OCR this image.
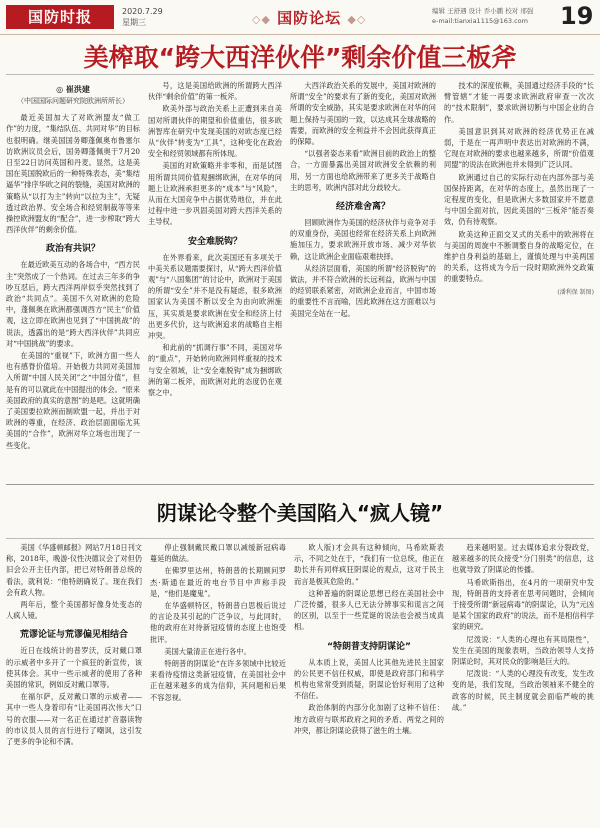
国防时报	2020.7.29
星期三	◇◆ 国防论坛 ◆◇
编辑 王舒遇 设计 乔小鹏 校对 邢强
e-mail:tianxia1115@163.com 19
美榨取“跨大西洋伙伴”剩余价值三板斧
◎ 崔洪建
（中国国际问题研究院欧洲所所长）

最近美国加大了对欧洲盟友“做工作”的力度，“集结队伍、共同对华”的目标也很明确。继美国国务卿蓬佩奥布鲁塞尔访欧洲议员会后，国务卿蓬佩奥于7月20日至22日访问英国和丹麦。显然，这是美国在英国脱欧后的一种特殊表态，美“集结逼华”排序华欧之间的裂缝，美国对欧洲的策略从“以打为主”转向“以拉为主”，无疑透过政治界、安全场合和经贸制裁等等来操控欧洲盟友的“配合”，进一步榨取“跨大西洋伙伴”的剩余价值。

政治有共识？

在最近欧美互动的各场合中，“西方民主”突然成了一个热词。在过去三年多的争吵互怼后，跨大西洋两岸似乎突然找到了政治“共同点”。美国不久对欧洲的危险中，蓬佩奥在欧洲都强调西方“民主”价值观，这立即在欧洲也见到了“中国挑战”的说法，透露出的是“跨大西洋伙伴”共同应对“中国挑战”的要求。

在美国的“重视”下，欧洲方面一些人也有感脊价值培。开始极力共同对美国加入所谓“中国人民关闭”之“中国分值”，但是有的可以就此在中国提出的体会。“原来美国政府的真实的意图”的是吧。这就明确了美国要拉欧洲而制欧盟一起，并出于对欧洲的尊重，在经济、政治层面面临尤其美国的“合作”，欧洲对华立场也出现了一些变化。

号，这是美国给欧洲的所谓跨大西洋伙伴“剩余价值”的第一板斧。

欧美外部与政治关系上正遭到来自美国对所谓伙伴的期望和价值重估，很多欧洲智库在研究中发现美国的对欧态度已经从“伙伴”转变为“工具”，这种变化在政治安全和经贸领域都有所体现。

美国的对欧策略并非零和，而是试图用所谓共同价值观捆绑欧洲，在对华的问题上让欧洲承担更多的“成本”与“风险”，从而在大国竞争中占据优势地位，并在此过程中进一步巩固美国对跨大西洋关系的主导权。

安全难脱钩？

在外界看来，此次美国还有多项关于中美关系议题需要探讨，从“跨大西洋价值观”与“八国集团”的讨论中，欧洲对于美国的所谓“安全”并不是没有疑虑，很多欧洲国家认为美国不断以安全为由向欧洲施压，其实质是要求欧洲在安全和经济上付出更多代价，这与欧洲追求的战略自主相冲突。

和此前的“抓调行事”不同，美国对华的“重点”，开始转向欧洲同样重视的技术与安全领域，让“安全难脱钩”成为捆绑欧洲的第二板斧，而欧洲对此的态度仍在观察之中。

大西洋政治关系的发展中，美国对欧洲的所谓“安全”的要求有了新的变化，美国对欧洲所谓的安全威胁，其实是要求欧洲在对华的问题上保持与美国的一致，以达成其全球战略的需要，而欧洲的安全利益并不会因此获得真正的保障。

“以强者姿态来看”欧洲目前的政治上的整合，一方面暴露出美国对欧洲安全依赖的利用，另一方面也给欧洲带来了更多关于战略自主的思考，欧洲内部对此分歧较大。

经济难舍离？

回顾欧洲作为美国的经济伙伴与竞争对手的双重身份，美国也经常在经济关系上向欧洲施加压力，要求欧洲开放市场、减少对华依赖，这让欧洲企业面临艰难抉择。

从经济层面看，美国的所谓“经济脱钩”的做法，并不符合欧洲的长远利益，欧洲与中国的经贸联系紧密，对欧洲企业而言，中国市场的重要性不言而喻，因此欧洲在这方面难以与美国完全站在一起。

技术的深度依赖，美国通过经济手段的“长臂管辖”才能一再要求欧洲政府审查一次次的“技术限制”，要求欧洲切断与中国企业的合作。

美国意识到其对欧洲的经济优势正在减弱，于是在一再声明中表达出对欧洲的不满，它现在对欧洲的要求也越来越多，所谓“价值观同盟”的说法在欧洲也并未得到广泛认同。

欧洲通过自己的实际行动在内部外部与美国保持距离，在对华的态度上，虽然出现了一定程度的变化，但是欧洲大多数国家并不愿意与中国全面对抗，因此美国的“三板斧”能否奏效，仍有待观察。

欧美这种正面交叉式的关系中的欧洲将在与美国的周旋中不断调整自身的战略定位，在维护自身利益的基础上，谨慎处理与中美两国的关系，这将成为今后一段时期欧洲外交政策的重要特点。

(潘利保 制图)
阴谋论令整个美国陷入“疯人镜”

美国《华盛顿邮报》网站7月18日刊文称，2018年，晚游·仪性决德议会了对但仍旧会公开主任内部，把已对特朗普总统的看法，就利说：“他特朗确说了。现在我们会有政人物。

两年后，整个美国都好像身处变态的人疯人镜。

荒谬论证与荒谬偏见相结合

近日在线统计的普罗沃，反对戴口罩的示威者中多开了一个疯狂的新宣传，该使其体会。其中一些示威者的使用了各种美国的常识，例如反对戴口罩等。

在福尔萨，反对戴口罩的示威者——其中一些人身着印有“让美国再次伟大”口号的衣服——对一名正在通过扩音器读物的市议员人员的言行进行了嘲讽，这引发了更多的争论和不满。

停止强制戴民戴口罩以减缓新冠病毒蔓延的做法。

在佛罗里达州，特朗普的长期顾问罗杰·斯通在最近的电台节目中声称手段是，“他们是魔鬼”。

在华盛顿特区，特朗普白思极后说过的言论及其引起的广泛争议，与此同时，他的政府在对待新冠疫情的态度上也饱受批评。

美国大量清正在进行各中。

特朗普的阴谋论“在许多领域中比较近来看待疫情这类新冠疫情，在美国社会中正在越来越多的成为信仰，其问题和后果不容忽视。

欧人版)才会具有这种倾向，马希欧斯表示，不同之处在于，“我们有一位总统，他正在助长并有同样疯狂阴谋论的观点，这对于民主而言是极其危险的。”

这种普遍的阴谋论思想已经在美国社会中广泛传播，很多人已无法分辨事实和谎言之间的区别，以至于一些荒诞的说法也会被当成真相。

“特朗普支持阴谋论”

从本质上说，美国人比其他先进民主国家的公民更不信任权威，即使是政府部门和科学机构也常常受到质疑，阴谋论恰好利用了这种不信任。

政治体制的内部分化加剧了这种不信任：地方政府与联邦政府之间的矛盾、两党之间的冲突，都让阴谋论获得了滋生的土壤。

趋来越明显。过去媒体追求分裂政党，越来越多的民众接受“分门别类”的信息，这也就导致了阴谋论的传播。

马希欧斯指出，在4月的一项研究中发现，特朗普的支持者在思考问题时，会倾向于接受所谓“新冠病毒”的阴谋论，认为“元凶是某个国家的政府”的说法，而不是相信科学家的研究。

尼泼说：“人类的心理也有其局限性”，发生在美国的现象表明，当政治领导人支持阴谋论时，其对民众的影响是巨大的。

尼泼说：“人类的心理没有改变，发生改变的是，我们发现，当政治领袖来不健全的政客的时候，民主制度就会面临严峻的挑战。”
